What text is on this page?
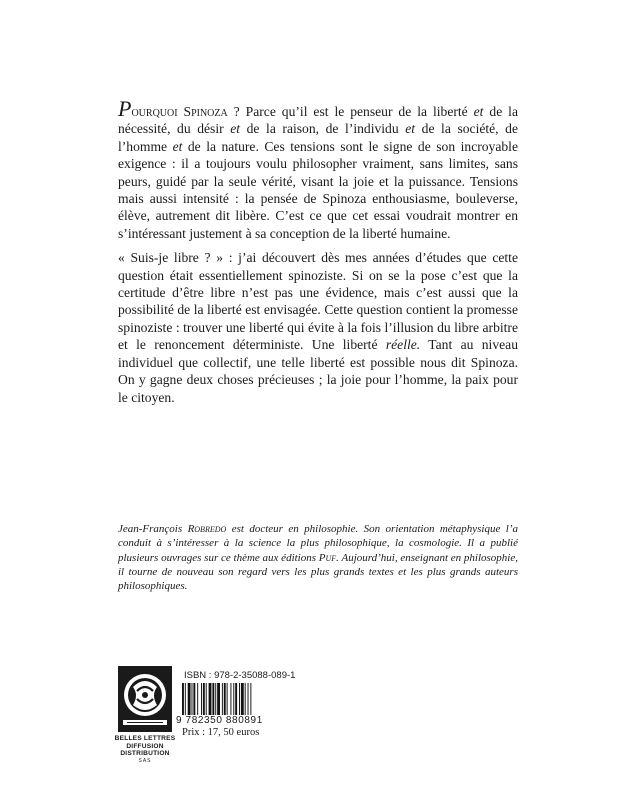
Pourquoi Spinoza ? Parce qu’il est le penseur de la liberté et de la nécessité, du désir et de la raison, de l’individu et de la société, de l’homme et de la nature. Ces tensions sont le signe de son incroyable exigence : il a toujours voulu philosopher vraiment, sans limites, sans peurs, guidé par la seule vérité, visant la joie et la puissance. Tensions mais aussi intensité : la pensée de Spinoza enthousiasme, bouleverse, élève, autrement dit libère. C’est ce que cet essai voudrait montrer en s’intéressant justement à sa conception de la liberté humaine.

« Suis-je libre ? » : j’ai découvert dès mes années d’études que cette question était essentiellement spinoziste. Si on se la pose c’est que la certitude d’être libre n’est pas une évidence, mais c’est aussi que la possibilité de la liberté est envisagée. Cette question contient la promesse spinoziste : trouver une liberté qui évite à la fois l’illusion du libre arbitre et le renoncement déterministe. Une liberté réelle. Tant au niveau individuel que collectif, une telle liberté est possible nous dit Spinoza. On y gagne deux choses précieuses ; la joie pour l’homme, la paix pour le citoyen.

Jean-François Robredo est docteur en philosophie. Son orientation métaphysique l’a conduit à s’intéresser à la science la plus philosophique, la cosmologie. Il a publié plusieurs ouvrages sur ce thème aux éditions Puf. Aujourd’hui, enseignant en philosophie, il tourne de nouveau son regard vers les plus grands textes et les plus grands auteurs philosophiques.
BELLES LETTRES
DIFFUSION
DISTRIBUTION
SAS
ISBN : 978-2-35088-089-1
9 782350 880891
Prix : 17, 50 euros
